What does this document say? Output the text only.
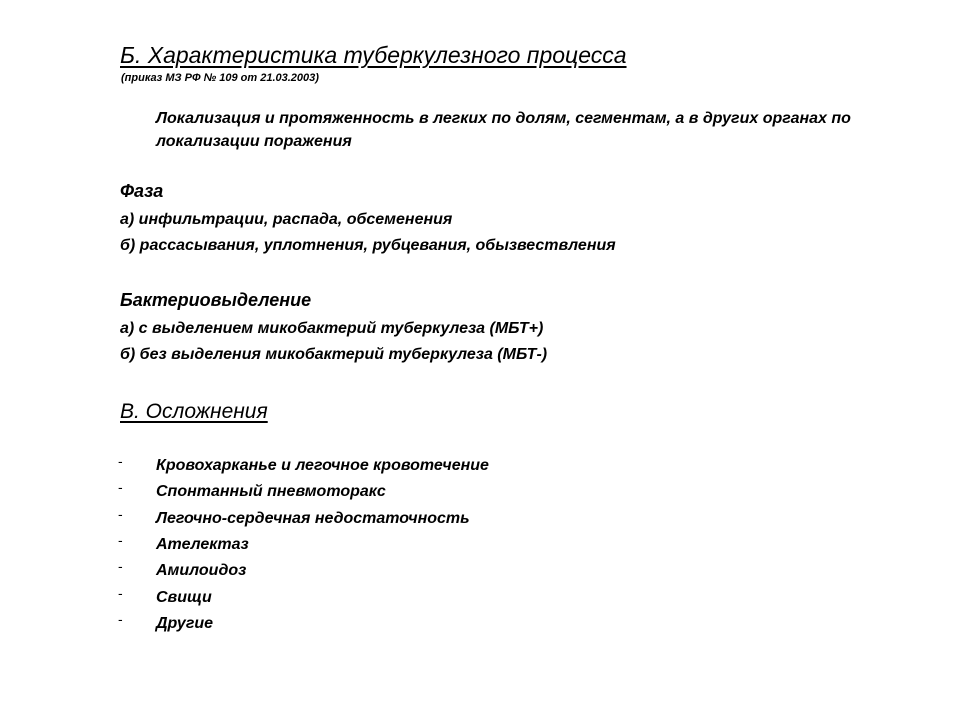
Б. Характеристика туберкулезного процесса
(приказ МЗ РФ № 109 от 21.03.2003)
Локализация и протяженность в легких по долям, сегментам, а в других органах по локализации поражения
Фаза
а) инфильтрации, распада, обсеменения
б) рассасывания, уплотнения, рубцевания, обызвествления
Бактериовыделение
а) с выделением микобактерий туберкулеза (МБТ+)
б) без выделения микобактерий туберкулеза (МБТ-)
В. Осложнения
- Кровохарканье и легочное кровотечение
- Спонтанный пневмоторакс
- Легочно-сердечная недостаточность
- Ателектаз
- Амилоидоз
- Свищи
- Другие
